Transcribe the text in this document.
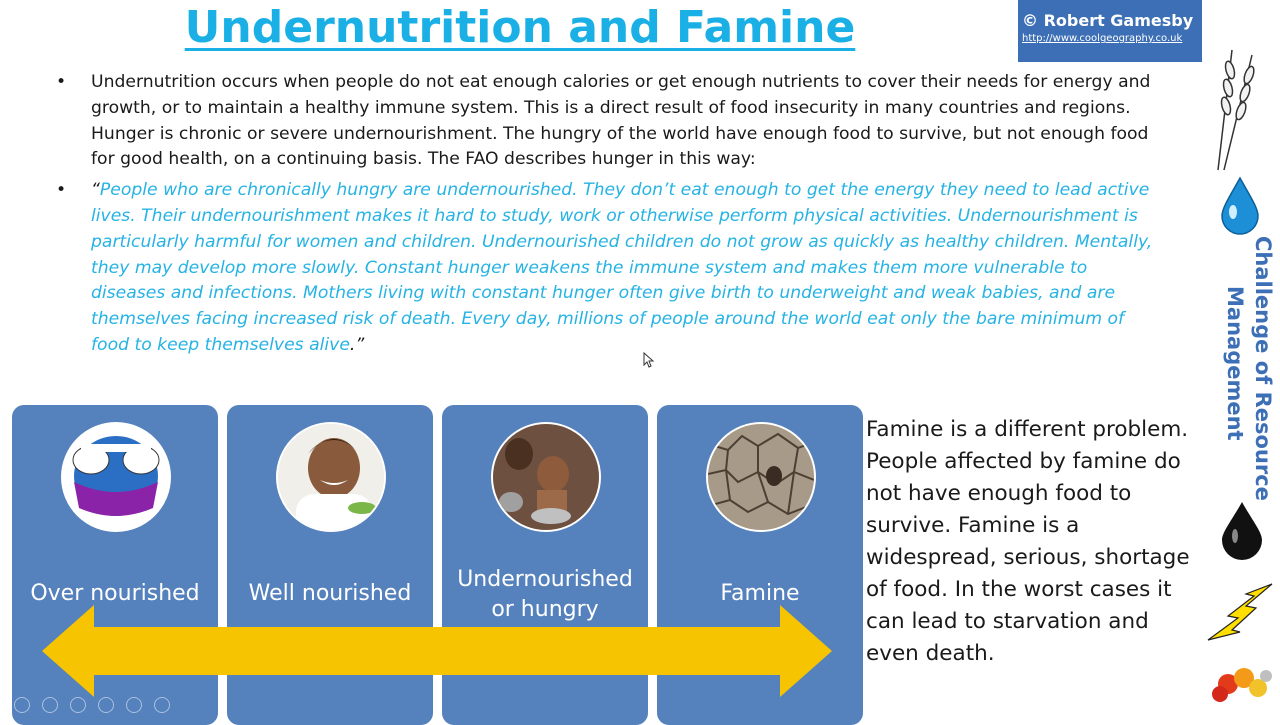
Undernutrition and Famine	© Robert Gamesby
http://www.coolgeography.co.uk
Challenge of Resource
Management
• Undernutrition occurs when people do not eat enough calories or get enough nutrients to cover their needs for energy and growth, or to maintain a healthy immune system. This is a direct result of food insecurity in many countries and regions. Hunger is chronic or severe undernourishment. The hungry of the world have enough food to survive, but not enough food for good health, on a continuing basis. The FAO describes hunger in this way:
• “People who are chronically hungry are undernourished. They don’t eat enough to get the energy they need to lead active lives. Their undernourishment makes it hard to study, work or otherwise perform physical activities. Undernourishment is particularly harmful for women and children. Undernourished children do not grow as quickly as healthy children. Mentally, they may develop more slowly. Constant hunger weakens the immune system and makes them more vulnerable to diseases and infections. Mothers living with constant hunger often give birth to underweight and weak babies, and are themselves facing increased risk of death. Every day, millions of people around the world eat only the bare minimum of food to keep themselves alive.”
Over nourished	Well nourished
Undernourished
or hungry
Famine
Famine is a different problem. People affected by famine do not have enough food to survive. Famine is a widespread, serious, shortage of food. In the worst cases it can lead to starvation and even death.
